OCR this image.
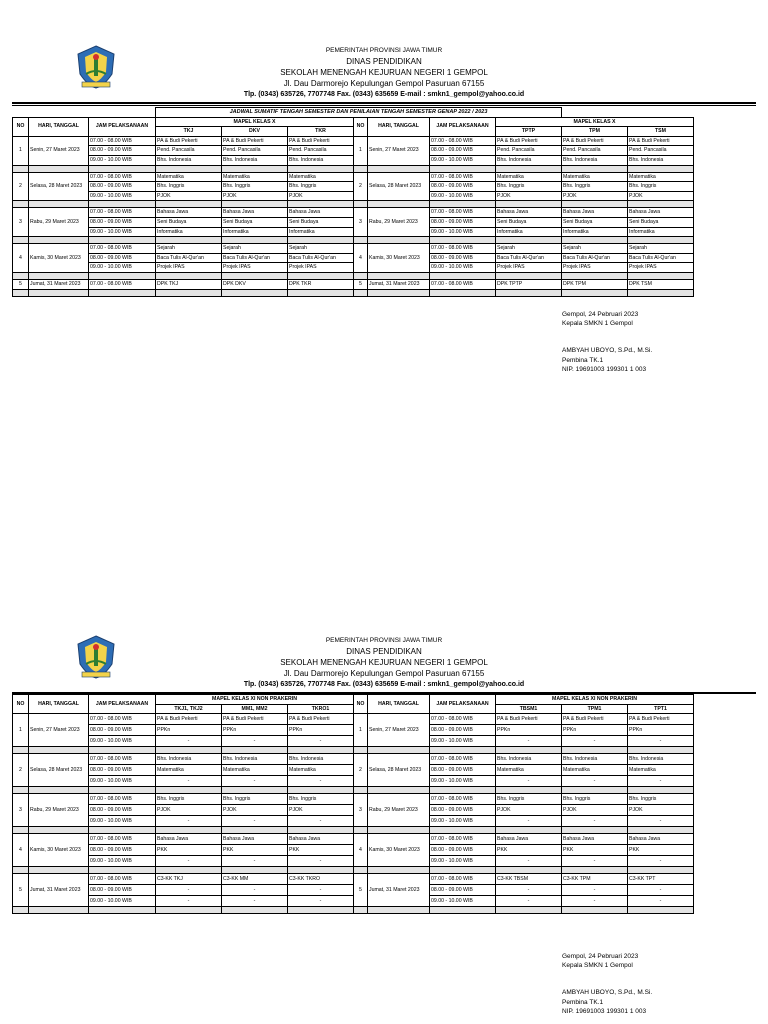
PEMERINTAH PROVINSI JAWA TIMUR
DINAS PENDIDIKAN
SEKOLAH MENENGAH KEJURUAN NEGERI 1 GEMPOL
Jl. Dau Darmorejo Kepulungan Gempol Pasuruan 67155
Tlp. (0343) 635726, 7707748 Fax. (0343) 635659 E-mail : smkn1_gempol@yahoo.co.id
			JADWAL SUMATIF TENGAH SEMESTER DAN PENILAIAN TENGAH SEMESTER GENAP 2022 / 2023								
NO	HARI, TANGGAL	JAM PELAKSANAAN	MAPEL KELAS X			NO	HARI, TANGGAL	JAM PELAKSANAAN	MAPEL KELAS X		
			TKJ	DKV	TKR				TPTP	TPM	TSM
1	Senin, 27 Maret 2023	07.00 - 08.00 WIB	PA & Budi Pekerti	PA & Budi Pekerti	PA & Budi Pekerti	1	Senin, 27 Maret 2023	07.00 - 08.00 WIB	PA & Budi Pekerti	PA & Budi Pekerti	PA & Budi Pekerti
		08.00 - 09.00 WIB	Pend. Pancasila	Pend. Pancasila	Pend. Pancasila			08.00 - 09.00 WIB	Pend. Pancasila	Pend. Pancasila	Pend. Pancasila
		09.00 - 10.00 WIB	Bhs. Indonesia	Bhs. Indonesia	Bhs. Indonesia			09.00 - 10.00 WIB	Bhs. Indonesia	Bhs. Indonesia	Bhs. Indonesia

2	Selasa, 28 Maret 2023	07.00 - 08.00 WIB	Matematika	Matematika	Matematika	2	Selasa, 28 Maret 2023	07.00 - 08.00 WIB	Matematika	Matematika	Matematika
		08.00 - 09.00 WIB	Bhs. Inggris	Bhs. Inggris	Bhs. Inggris			08.00 - 09.00 WIB	Bhs. Inggris	Bhs. Inggris	Bhs. Inggris
		09.00 - 10.00 WIB	PJOK	PJOK	PJOK			09.00 - 10.00 WIB	PJOK	PJOK	PJOK

3	Rabu, 29 Maret 2023	07.00 - 08.00 WIB	Bahasa Jawa	Bahasa Jawa	Bahasa Jawa	3	Rabu, 29 Maret 2023	07.00 - 08.00 WIB	Bahasa Jawa	Bahasa Jawa	Bahasa Jawa
		08.00 - 09.00 WIB	Seni Budaya	Seni Budaya	Seni Budaya			08.00 - 09.00 WIB	Seni Budaya	Seni Budaya	Seni Budaya
		09.00 - 10.00 WIB	Informatika	Informatika	Informatika			09.00 - 10.00 WIB	Informatika	Informatika	Informatika

4	Kamis, 30 Maret 2023	07.00 - 08.00 WIB	Sejarah	Sejarah	Sejarah	4	Kamis, 30 Maret 2023	07.00 - 08.00 WIB	Sejarah	Sejarah	Sejarah
		08.00 - 09.00 WIB	Baca Tulis Al-Qur'an	Baca Tulis Al-Qur'an	Baca Tulis Al-Qur'an			08.00 - 09.00 WIB	Baca Tulis Al-Qur'an	Baca Tulis Al-Qur'an	Baca Tulis Al-Qur'an
		09.00 - 10.00 WIB	Projek IPAS	Projek IPAS	Projek IPAS			09.00 - 10.00 WIB	Projek IPAS	Projek IPAS	Projek IPAS

5	Jumat, 31 Maret 2023	07.00 - 08.00 WIB	DPK TKJ	DPK DKV	DPK TKR	5	Jumat, 31 Maret 2023	07.00 - 08.00 WIB	DPK TPTP	DPK TPM	DPK TSM

Gempol, 24 Pebruari 2023
Kepala SMKN 1 Gempol
AMBYAH UBOYO, S.Pd., M.Si.
Pembina TK.1
NIP. 19691003 199301 1 003
PEMERINTAH PROVINSI JAWA TIMUR
DINAS PENDIDIKAN
SEKOLAH MENENGAH KEJURUAN NEGERI 1 GEMPOL
Jl. Dau Darmorejo Kepulungan Gempol Pasuruan 67155
Tlp. (0343) 635726, 7707748 Fax. (0343) 635659 E-mail : smkn1_gempol@yahoo.co.id
NO	HARI, TANGGAL	JAM PELAKSANAAN	MAPEL KELAS XI NON PRAKERIN			NO	HARI, TANGGAL	JAM PELAKSANAAN	MAPEL KELAS XI NON PRAKERIN		
			TKJ1, TKJ2	MM1, MM2	TKRO1				TBSM1	TPM1	TPT1
1	Senin, 27 Maret 2023	07.00 - 08.00 WIB	PA & Budi Pekerti	PA & Budi Pekerti	PA & Budi Pekerti	1	Senin, 27 Maret 2023	07.00 - 08.00 WIB	PA & Budi Pekerti	PA & Budi Pekerti	PA & Budi Pekerti
		08.00 - 09.00 WIB	PPKn	PPKn	PPKn			08.00 - 09.00 WIB	PPKn	PPKn	PPKn
		09.00 - 10.00 WIB	-	-	-			09.00 - 10.00 WIB	-	-	-

2	Selasa, 28 Maret 2023	07.00 - 08.00 WIB	Bhs. Indonesia	Bhs. Indonesia	Bhs. Indonesia	2	Selasa, 28 Maret 2023	07.00 - 08.00 WIB	Bhs. Indonesia	Bhs. Indonesia	Bhs. Indonesia
		08.00 - 09.00 WIB	Matematika	Matematika	Matematika			08.00 - 09.00 WIB	Matematika	Matematika	Matematika
		09.00 - 10.00 WIB	-	-	-			09.00 - 10.00 WIB	-	-	-

3	Rabu, 29 Maret 2023	07.00 - 08.00 WIB	Bhs. Inggris	Bhs. Inggris	Bhs. Inggris	3	Rabu, 29 Maret 2023	07.00 - 08.00 WIB	Bhs. Inggris	Bhs. Inggris	Bhs. Inggris
		08.00 - 09.00 WIB	PJOK	PJOK	PJOK			08.00 - 09.00 WIB	PJOK	PJOK	PJOK
		09.00 - 10.00 WIB	-	-	-			09.00 - 10.00 WIB	-	-	-

4	Kamis, 30 Maret 2023	07.00 - 08.00 WIB	Bahasa Jawa	Bahasa Jawa	Bahasa Jawa	4	Kamis, 30 Maret 2023	07.00 - 08.00 WIB	Bahasa Jawa	Bahasa Jawa	Bahasa Jawa
		08.00 - 09.00 WIB	PKK	PKK	PKK			08.00 - 09.00 WIB	PKK	PKK	PKK
		09.00 - 10.00 WIB	-	-	-			09.00 - 10.00 WIB	-	-	-

5	Jumat, 31 Maret 2023	07.00 - 08.00 WIB	C3-KK TKJ	C3-KK MM	C3-KK TKRO	5	Jumat, 31 Maret 2023	07.00 - 08.00 WIB	C3-KK TBSM	C3-KK TPM	C3-KK TPT
		08.00 - 09.00 WIB	-	-	-			08.00 - 09.00 WIB	-	-	-
		09.00 - 10.00 WIB	-	-	-			09.00 - 10.00 WIB	-	-	-

Gempol, 24 Pebruari 2023
Kepala SMKN 1 Gempol
AMBYAH UBOYO, S.Pd., M.Si.
Pembina TK.1
NIP. 19691003 199301 1 003
